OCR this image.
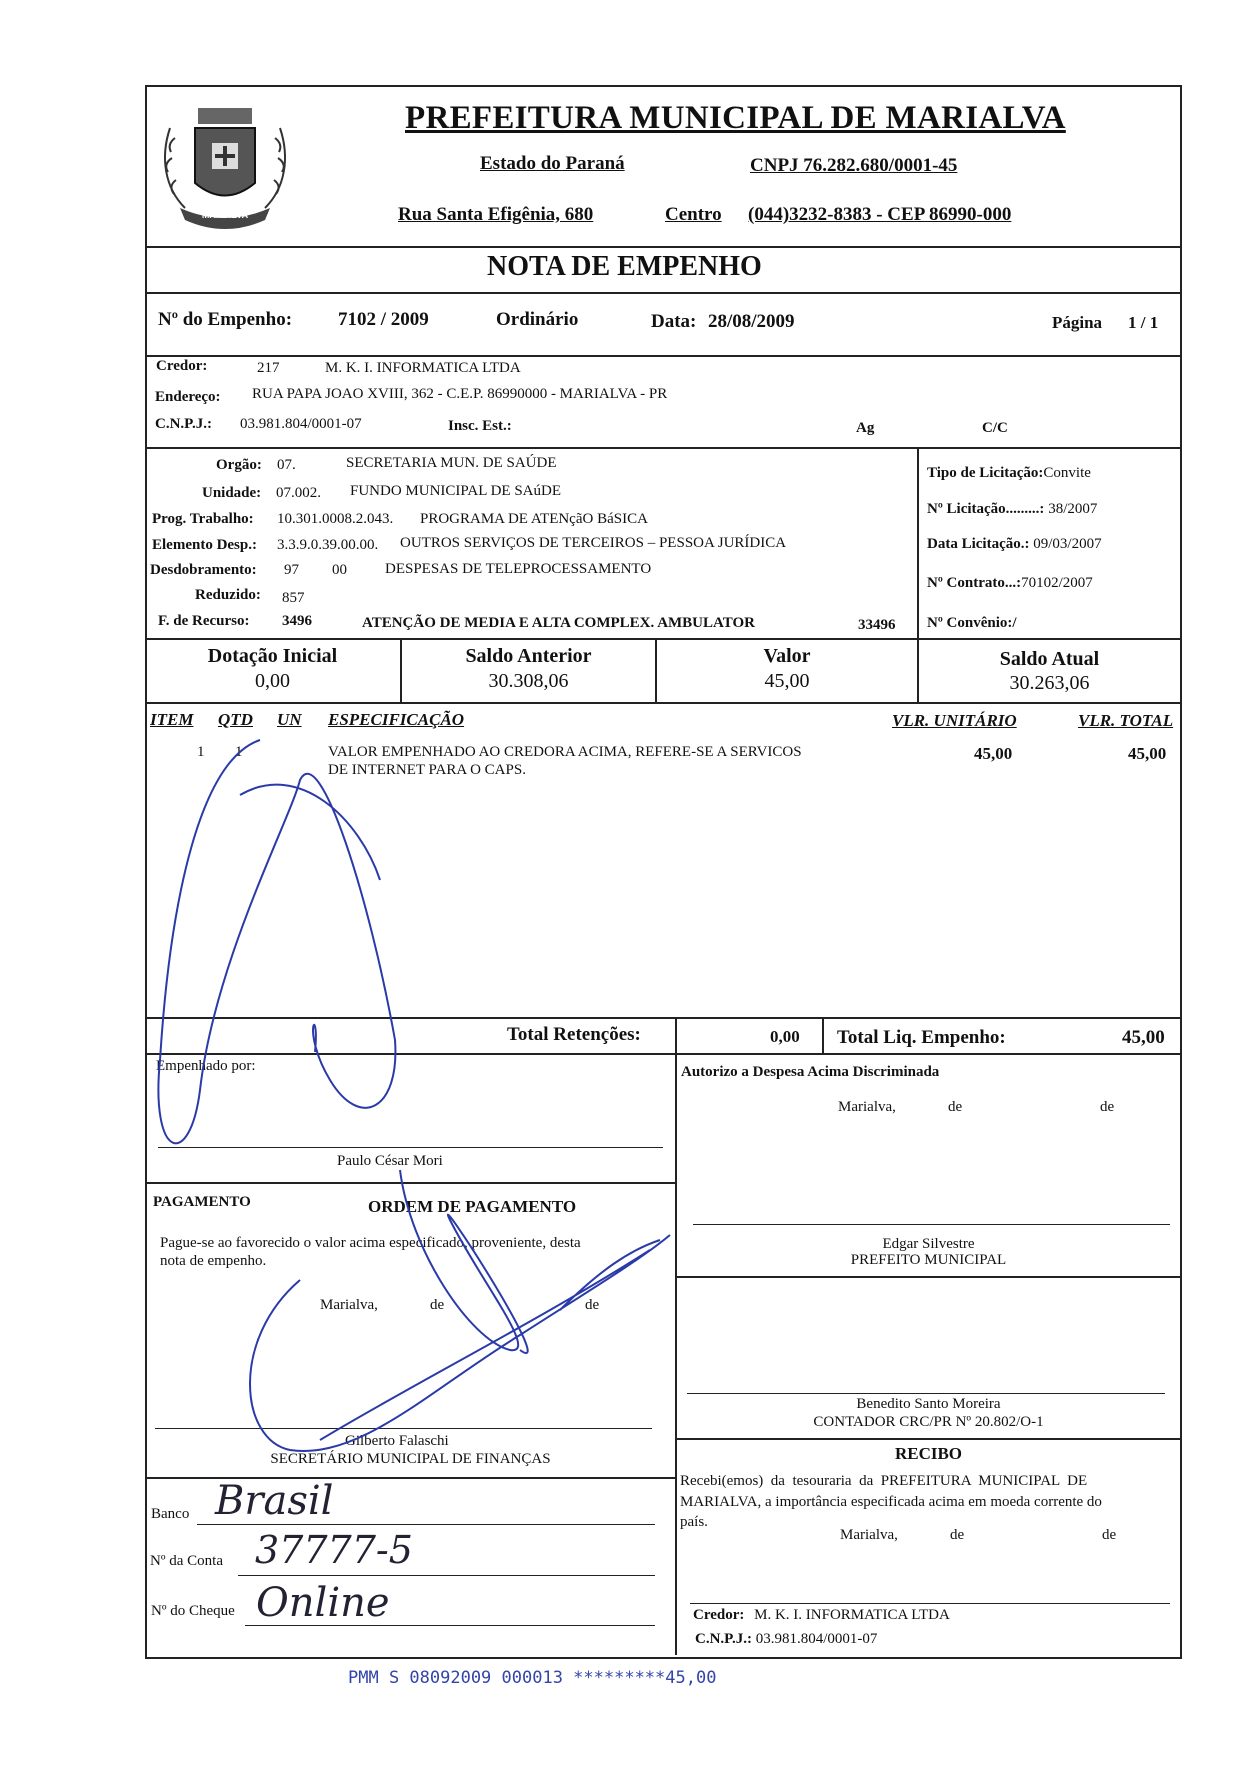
MARIALVA
PREFEITURA MUNICIPAL DE MARIALVA
Estado do Paraná	CNPJ 76.282.680/0001-45
Rua Santa Efigênia, 680	Centro (044)3232-8383 - CEP 86990-000
NOTA DE EMPENHO
Nº do Empenho: 7102 / 2009	Ordinário	Data: 28/08/2009	Página 1 / 1
Credor:	217	M. K. I. INFORMATICA LTDA
Endereço: RUA PAPA JOAO XVIII, 362 - C.E.P. 86990000 - MARIALVA - PR
C.N.P.J.: 03.981.804/0001-07	Insc. Est.:	Ag	C/C
Orgão: 07.	SECRETARIA MUN. DE SAÚDE
Unidade: 07.002. FUNDO MUNICIPAL DE SAúDE
Prog. Trabalho: 10.301.0008.2.043. PROGRAMA DE ATENçãO BáSICA
Elemento Desp.: 3.3.9.0.39.00.00. OUTROS SERVIÇOS DE TERCEIROS – PESSOA JURÍDICA
Desdobramento: 97 00	DESPESAS DE TELEPROCESSAMENTO
Reduzido: 857
F. de Recurso: 3496	ATENÇÃO DE MEDIA E ALTA COMPLEX. AMBULATOR	33496
Tipo de Licitação:Convite
Nº Licitação.........: 38/2007
Data Licitação.: 09/03/2007
Nº Contrato...:70102/2007
Nº Convênio:/
Dotação Inicial
0,00
Saldo Anterior
30.308,06
Valor
45,00
Saldo Atual
30.263,06
ITEM QTD UN ESPECIFICAÇÃO	VLR. UNITÁRIO	VLR. TOTAL
1 1	VALOR EMPENHADO AO CREDORA ACIMA, REFERE-SE A SERVICOS
DE INTERNET PARA O CAPS.
45,00	45,00
Total Retenções:	0,00 Total Liq. Empenho:	45,00
Empenhado por:
Paulo César Mori
Autorizo a Despesa Acima Discriminada
Marialva,	de	de
Edgar Silvestre
PREFEITO MUNICIPAL
PAGAMENTO	ORDEM DE PAGAMENTO
Pague-se ao favorecido o valor acima especificado, proveniente, desta
nota de empenho.
Marialva,	de	de
Gilberto Falaschi
SECRETÁRIO MUNICIPAL DE FINANÇAS
Benedito Santo Moreira
CONTADOR CRC/PR Nº 20.802/O-1
Banco Brasil
Nº da Conta 37777-5
Nº do Cheque Online
RECIBO
Recebi(emos)  da  tesouraria  da  PREFEITURA  MUNICIPAL  DE
MARIALVA, a importância especificada acima em moeda corrente do
país.
Marialva,	de	de
Credor: M. K. I. INFORMATICA LTDA
C.N.P.J.: 03.981.804/0001-07
PMM S 08092009 000013 *********45,00
